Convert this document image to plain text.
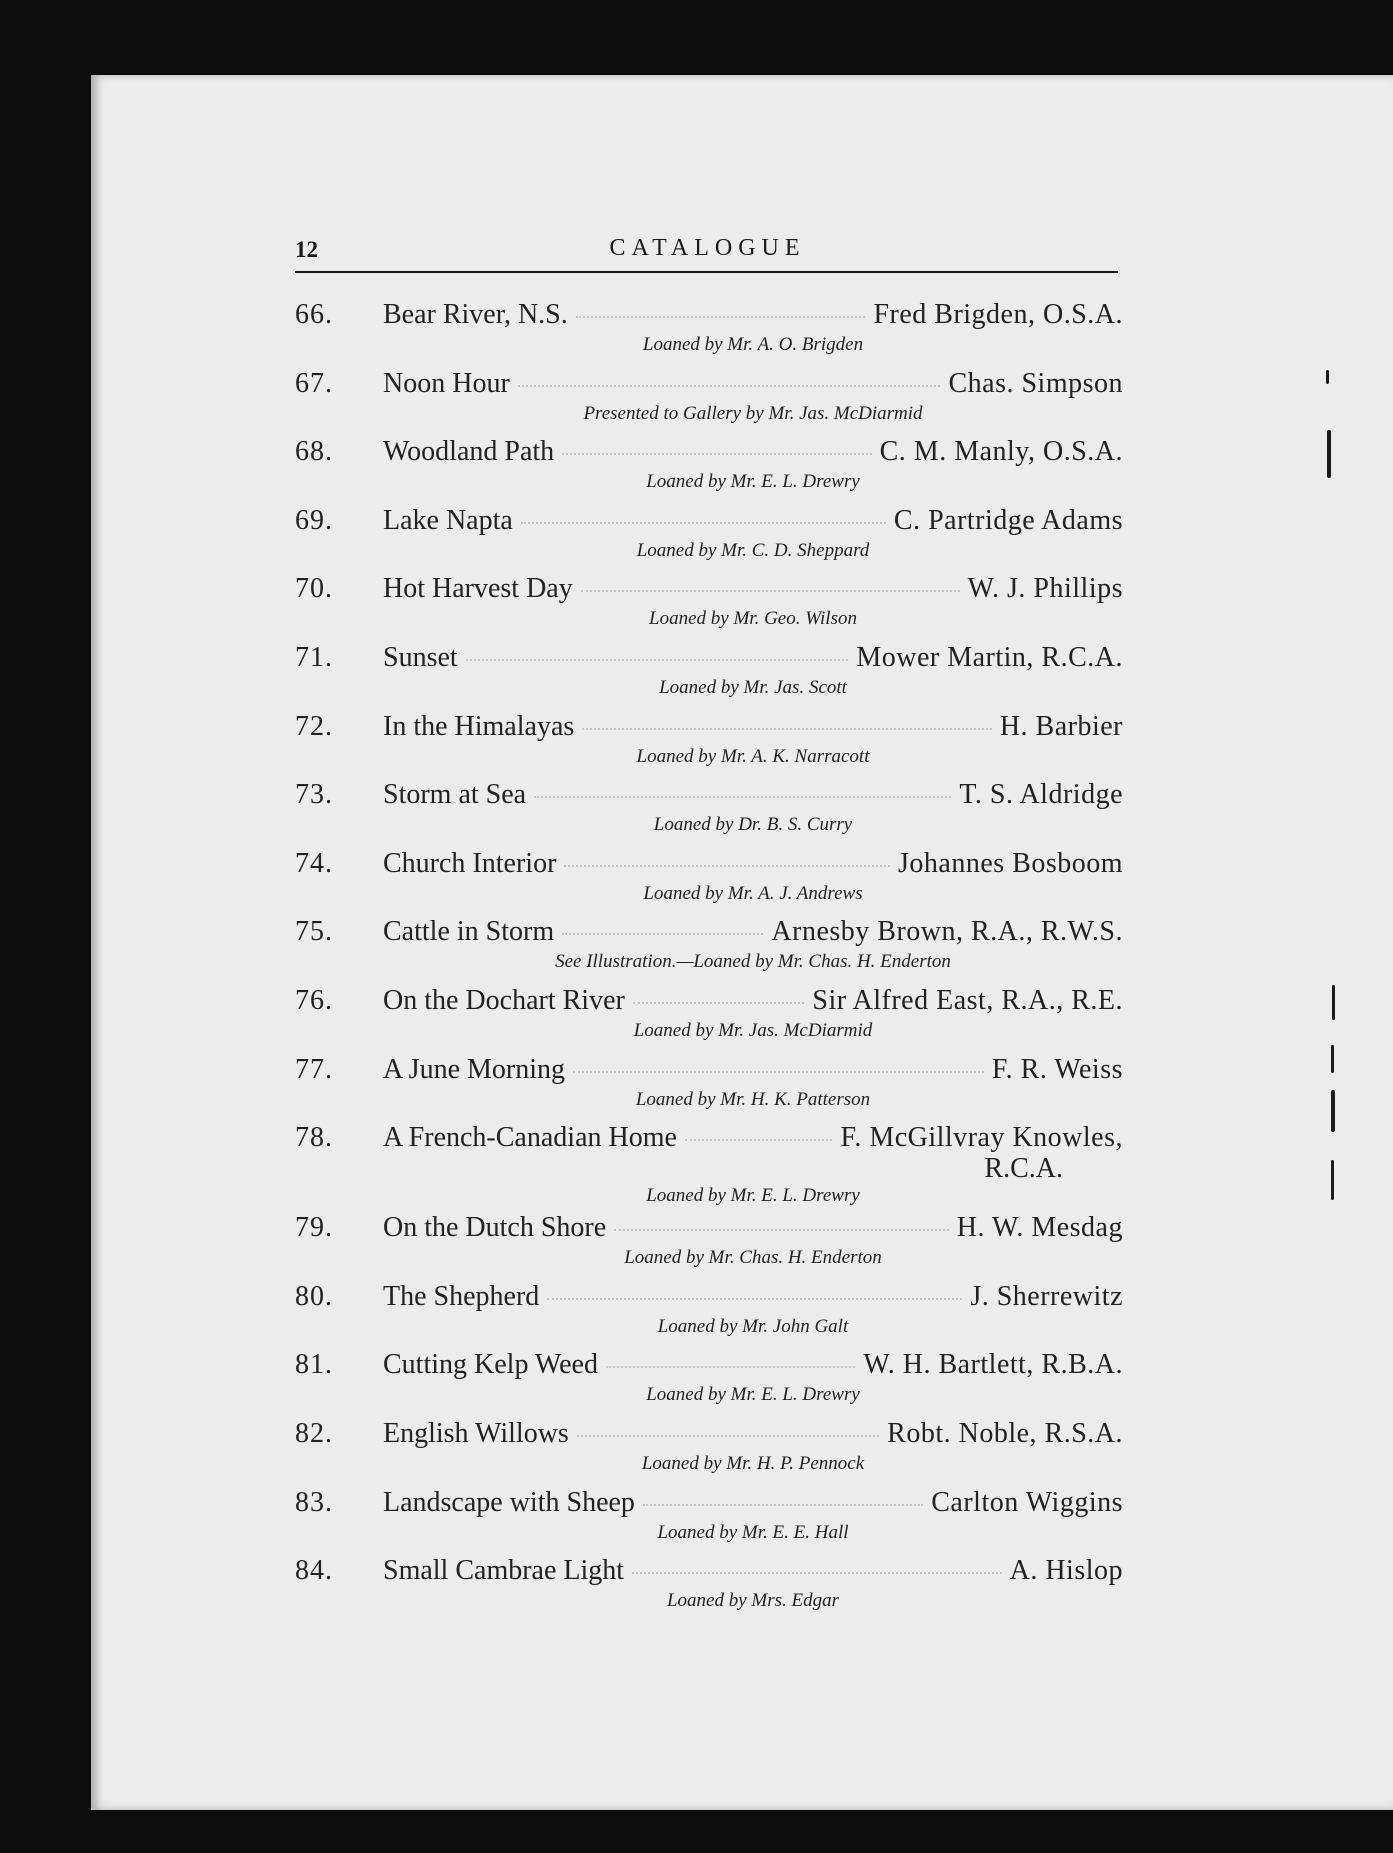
12	CATALOGUE
66.	Bear River, N.S.	Fred Brigden, O.S.A.
Loaned by Mr. A. O. Brigden
67.	Noon Hour	Chas. Simpson
Presented to Gallery by Mr. Jas. McDiarmid
68.	Woodland Path	C. M. Manly, O.S.A.
Loaned by Mr. E. L. Drewry
69.	Lake Napta	C. Partridge Adams
Loaned by Mr. C. D. Sheppard
70.	Hot Harvest Day	W. J. Phillips
Loaned by Mr. Geo. Wilson
71.	Sunset	Mower Martin, R.C.A.
Loaned by Mr. Jas. Scott
72.	In the Himalayas	H. Barbier
Loaned by Mr. A. K. Narracott
73.	Storm at Sea	T. S. Aldridge
Loaned by Dr. B. S. Curry
74.	Church Interior	Johannes Bosboom
Loaned by Mr. A. J. Andrews
75.	Cattle in Storm	Arnesby Brown, R.A., R.W.S.
See Illustration.—Loaned by Mr. Chas. H. Enderton
76.	On the Dochart River	Sir Alfred East, R.A., R.E.
Loaned by Mr. Jas. McDiarmid
77.	A June Morning	F. R. Weiss
Loaned by Mr. H. K. Patterson
78.	A French-Canadian Home	F. McGillvray Knowles,
R.C.A.
Loaned by Mr. E. L. Drewry
79.	On the Dutch Shore	H. W. Mesdag
Loaned by Mr. Chas. H. Enderton
80.	The Shepherd	J. Sherrewitz
Loaned by Mr. John Galt
81.	Cutting Kelp Weed	W. H. Bartlett, R.B.A.
Loaned by Mr. E. L. Drewry
82.	English Willows	Robt. Noble, R.S.A.
Loaned by Mr. H. P. Pennock
83.	Landscape with Sheep	Carlton Wiggins
Loaned by Mr. E. E. Hall
84.	Small Cambrae Light	A. Hislop
Loaned by Mrs. Edgar
